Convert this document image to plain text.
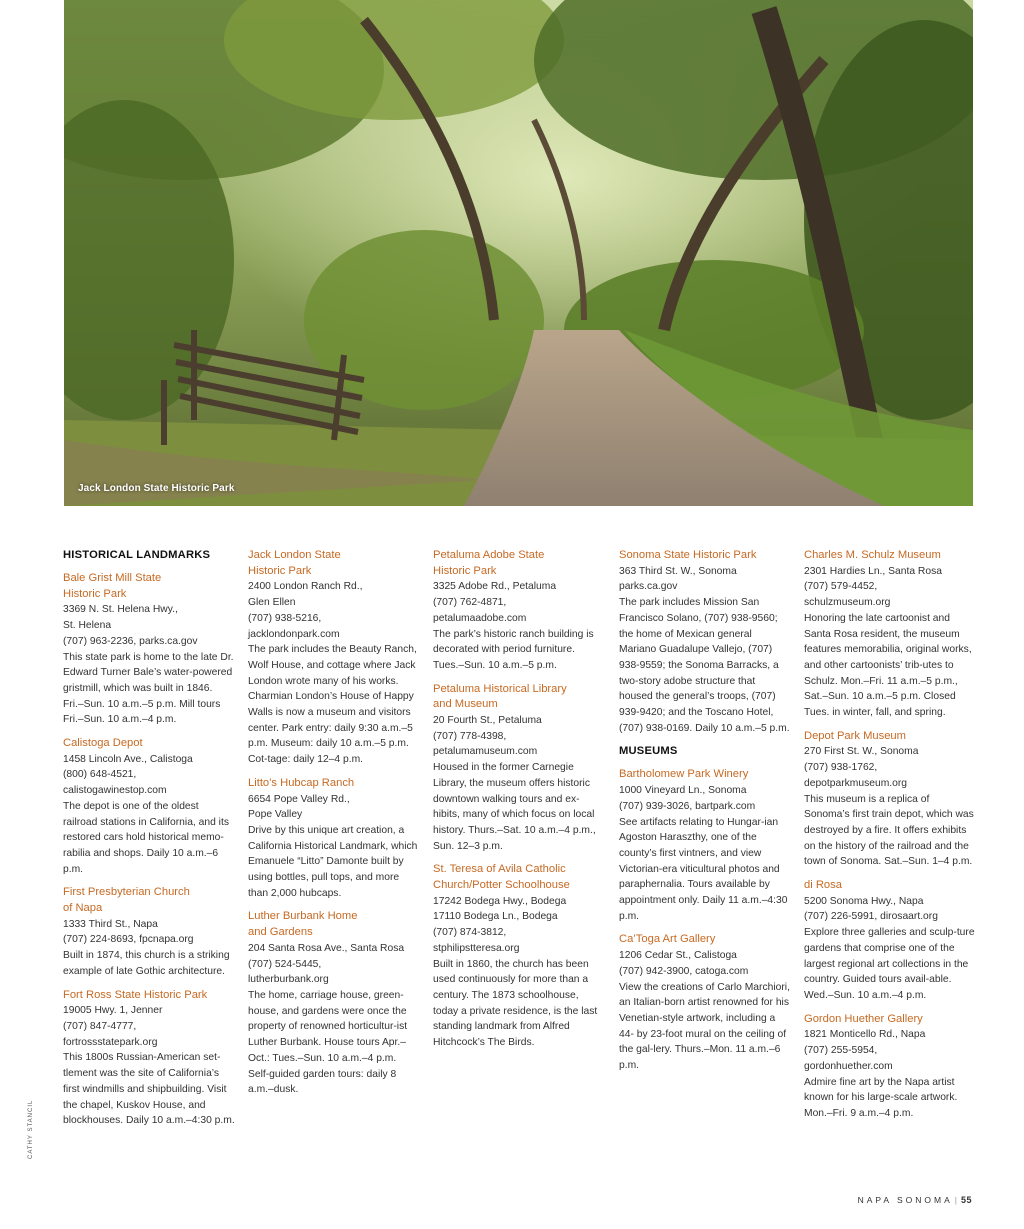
Jack London State Historic Park
CATHY STANCIL
HISTORICAL LANDMARKS
Bale Grist Mill State
Historic Park
3369 N. St. Helena Hwy.,
St. Helena
(707) 963-2236, parks.ca.gov
This state park is home to the late Dr. Edward Turner Bale’s water-powered gristmill, which was built in 1846. Fri.–Sun. 10 a.m.–5 p.m. Mill tours Fri.–Sun. 10 a.m.–4 p.m.
Calistoga Depot
1458 Lincoln Ave., Calistoga
(800) 648-4521,
calistogawinestop.com
The depot is one of the oldest railroad stations in California, and its restored cars hold historical memo-rabilia and shops. Daily 10 a.m.–6 p.m.
First Presbyterian Church
of Napa
1333 Third St., Napa
(707) 224-8693, fpcnapa.org
Built in 1874, this church is a striking example of late Gothic architecture.
Fort Ross State Historic Park
19005 Hwy. 1, Jenner
(707) 847-4777,
fortrossstatepark.org
This 1800s Russian-American set-tlement was the site of California’s first windmills and shipbuilding. Visit the chapel, Kuskov House, and blockhouses. Daily 10 a.m.–4:30 p.m.
Jack London State
Historic Park
2400 London Ranch Rd.,
Glen Ellen
(707) 938-5216,
jacklondonpark.com
The park includes the Beauty Ranch, Wolf House, and cottage where Jack London wrote many of his works. Charmian London’s House of Happy Walls is now a museum and visitors center. Park entry: daily 9:30 a.m.–5 p.m. Museum: daily 10 a.m.–5 p.m. Cot-tage: daily 12–4 p.m.
Litto’s Hubcap Ranch
6654 Pope Valley Rd.,
Pope Valley
Drive by this unique art creation, a California Historical Landmark, which Emanuele “Litto” Damonte built by using bottles, pull tops, and more than 2,000 hubcaps.
Luther Burbank Home
and Gardens
204 Santa Rosa Ave., Santa Rosa
(707) 524-5445,
lutherburbank.org
The home, carriage house, green-house, and gardens were once the property of renowned horticultur-ist Luther Burbank. House tours Apr.–Oct.: Tues.–Sun. 10 a.m.–4 p.m. Self-guided garden tours: daily 8 a.m.–dusk.
Petaluma Adobe State
Historic Park
3325 Adobe Rd., Petaluma
(707) 762-4871,
petalumaadobe.com
The park’s historic ranch building is decorated with period furniture. Tues.–Sun. 10 a.m.–5 p.m.
Petaluma Historical Library
and Museum
20 Fourth St., Petaluma
(707) 778-4398,
petalumamuseum.com
Housed in the former Carnegie Library, the museum offers historic downtown walking tours and ex-hibits, many of which focus on local history. Thurs.–Sat. 10 a.m.–4 p.m., Sun. 12–3 p.m.
St. Teresa of Avila Catholic
Church/Potter Schoolhouse
17242 Bodega Hwy., Bodega
17110 Bodega Ln., Bodega
(707) 874-3812,
stphilipstteresa.org
Built in 1860, the church has been used continuously for more than a century. The 1873 schoolhouse, today a private residence, is the last standing landmark from Alfred Hitchcock’s The Birds.
Sonoma State Historic Park
363 Third St. W., Sonoma
parks.ca.gov
The park includes Mission San Francisco Solano, (707) 938-9560; the home of Mexican general Mariano Guadalupe Vallejo, (707) 938-9559; the Sonoma Barracks, a two-story adobe structure that housed the general’s troops, (707) 939-9420; and the Toscano Hotel, (707) 938-0169. Daily 10 a.m.–5 p.m.
MUSEUMS
Bartholomew Park Winery
1000 Vineyard Ln., Sonoma
(707) 939-3026, bartpark.com
See artifacts relating to Hungar-ian Agoston Haraszthy, one of the county’s first vintners, and view Victorian-era viticultural photos and paraphernalia. Tours available by appointment only. Daily 11 a.m.–4:30 p.m.
Ca’Toga Art Gallery
1206 Cedar St., Calistoga
(707) 942-3900, catoga.com
View the creations of Carlo Marchiori, an Italian-born artist renowned for his Venetian-style artwork, including a 44- by 23-foot mural on the ceiling of the gal-lery. Thurs.–Mon. 11 a.m.–6 p.m.
Charles M. Schulz Museum
2301 Hardies Ln., Santa Rosa
(707) 579-4452,
schulzmuseum.org
Honoring the late cartoonist and Santa Rosa resident, the museum features memorabilia, original works, and other cartoonists’ trib-utes to Schulz. Mon.–Fri. 11 a.m.–5 p.m., Sat.–Sun. 10 a.m.–5 p.m. Closed Tues. in winter, fall, and spring.
Depot Park Museum
270 First St. W., Sonoma
(707) 938-1762,
depotparkmuseum.org
This museum is a replica of Sonoma’s first train depot, which was destroyed by a fire. It offers exhibits on the history of the railroad and the town of Sonoma. Sat.–Sun. 1–4 p.m.
di Rosa
5200 Sonoma Hwy., Napa
(707) 226-5991, dirosaart.org
Explore three galleries and sculp-ture gardens that comprise one of the largest regional art collections in the country. Guided tours avail-able. Wed.–Sun. 10 a.m.–4 p.m.
Gordon Huether Gallery
1821 Monticello Rd., Napa
(707) 255-5954,
gordonhuether.com
Admire fine art by the Napa artist known for his large-scale artwork. Mon.–Fri. 9 a.m.–4 p.m.
NAPA SONOMA | 55
